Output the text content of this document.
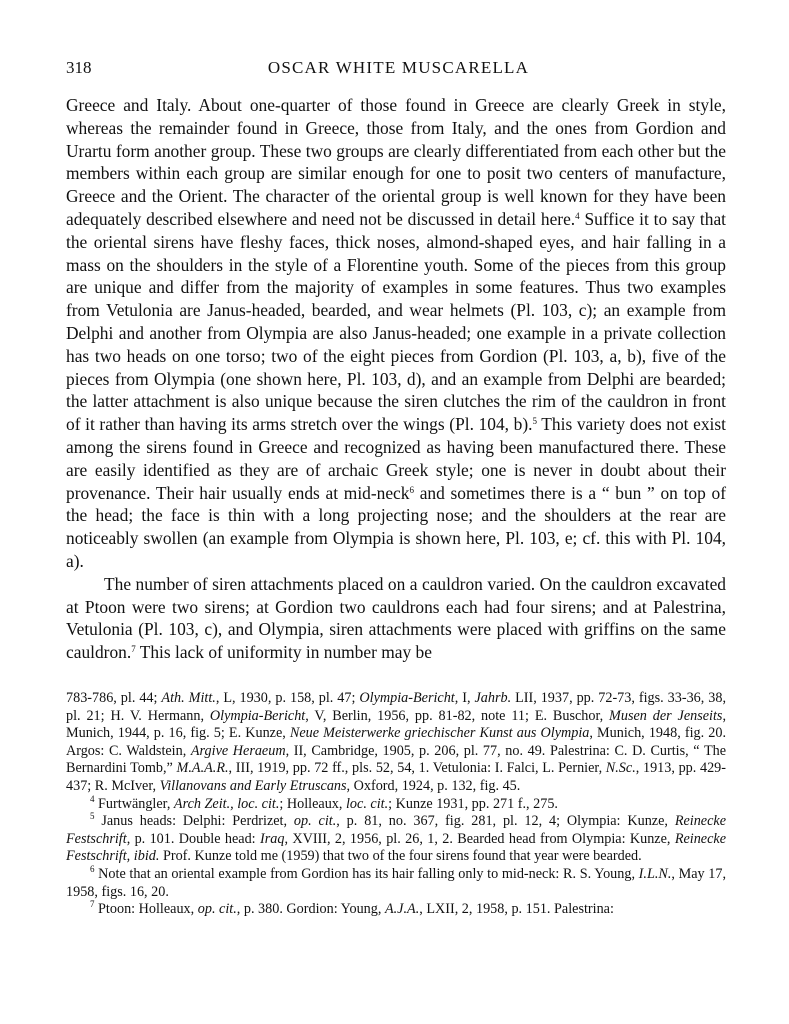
318	OSCAR WHITE MUSCARELLA

Greece and Italy. About one-quarter of those found in Greece are clearly Greek in style, whereas the remainder found in Greece, those from Italy, and the ones from Gordion and Urartu form another group. These two groups are clearly differentiated from each other but the members within each group are similar enough for one to posit two centers of manufacture, Greece and the Orient. The character of the oriental group is well known for they have been adequately described elsewhere and need not be discussed in detail here.$^4$ Suffice it to say that the oriental sirens have fleshy faces, thick noses, almond-shaped eyes, and hair falling in a mass on the shoulders in the style of a Florentine youth. Some of the pieces from this group are unique and differ from the majority of examples in some features. Thus two examples from Vetulonia are Janus-headed, bearded, and wear helmets (Pl. 103, c); an example from Delphi and another from Olympia are also Janus-headed; one example in a private collection has two heads on one torso; two of the eight pieces from Gordion (Pl. 103, a, b), five of the pieces from Olympia (one shown here, Pl. 103, d), and an example from Delphi are bearded; the latter attachment is also unique because the siren clutches the rim of the cauldron in front of it rather than having its arms stretch over the wings (Pl. 104, b).$^5$ This variety does not exist among the sirens found in Greece and recognized as having been manufactured there. These are easily identified as they are of archaic Greek style; one is never in doubt about their provenance. Their hair usually ends at mid-neck$^6$ and sometimes there is a “ bun ” on top of the head; the face is thin with a long projecting nose; and the shoulders at the rear are noticeably swollen (an example from Olympia is shown here, Pl. 103, e; cf. this with Pl. 104, a).

The number of siren attachments placed on a cauldron varied. On the cauldron excavated at Ptoon were two sirens; at Gordion two cauldrons each had four sirens; and at Palestrina, Vetulonia (Pl. 103, c), and Olympia, siren attachments were placed with griffins on the same cauldron.$^7$ This lack of uniformity in number may be

783-786, pl. 44; Ath. Mitt., L, 1930, p. 158, pl. 47; Olympia-Bericht, I, Jahrb. LII, 1937, pp. 72-73, figs. 33-36, 38, pl. 21; H. V. Hermann, Olympia-Bericht, V, Berlin, 1956, pp. 81-82, note 11; E. Buschor, Musen der Jenseits, Munich, 1944, p. 16, fig. 5; E. Kunze, Neue Meisterwerke griechischer Kunst aus Olympia, Munich, 1948, fig. 20. Argos: C. Waldstein, Argive Heraeum, II, Cambridge, 1905, p. 206, pl. 77, no. 49. Palestrina: C. D. Curtis, “ The Bernardini Tomb,” M.A.A.R., III, 1919, pp. 72 ff., pls. 52, 54, 1. Vetulonia: I. Falci, L. Pernier, N.Sc., 1913, pp. 429-437; R. McIver, Villanovans and Early Etruscans, Oxford, 1924, p. 132, fig. 45.

$^4$ Furtwängler, Arch Zeit., loc. cit.; Holleaux, loc. cit.; Kunze 1931, pp. 271 f., 275.

$^5$ Janus heads: Delphi: Perdrizet, op. cit., p. 81, no. 367, fig. 281, pl. 12, 4; Olympia: Kunze, Reinecke Festschrift, p. 101. Double head: Iraq, XVIII, 2, 1956, pl. 26, 1, 2. Bearded head from Olympia: Kunze, Reinecke Festschrift, ibid. Prof. Kunze told me (1959) that two of the four sirens found that year were bearded.

$^6$ Note that an oriental example from Gordion has its hair falling only to mid-neck: R. S. Young, I.L.N., May 17, 1958, figs. 16, 20.

$^7$ Ptoon: Holleaux, op. cit., p. 380. Gordion: Young, A.J.A., LXII, 2, 1958, p. 151. Palestrina:
